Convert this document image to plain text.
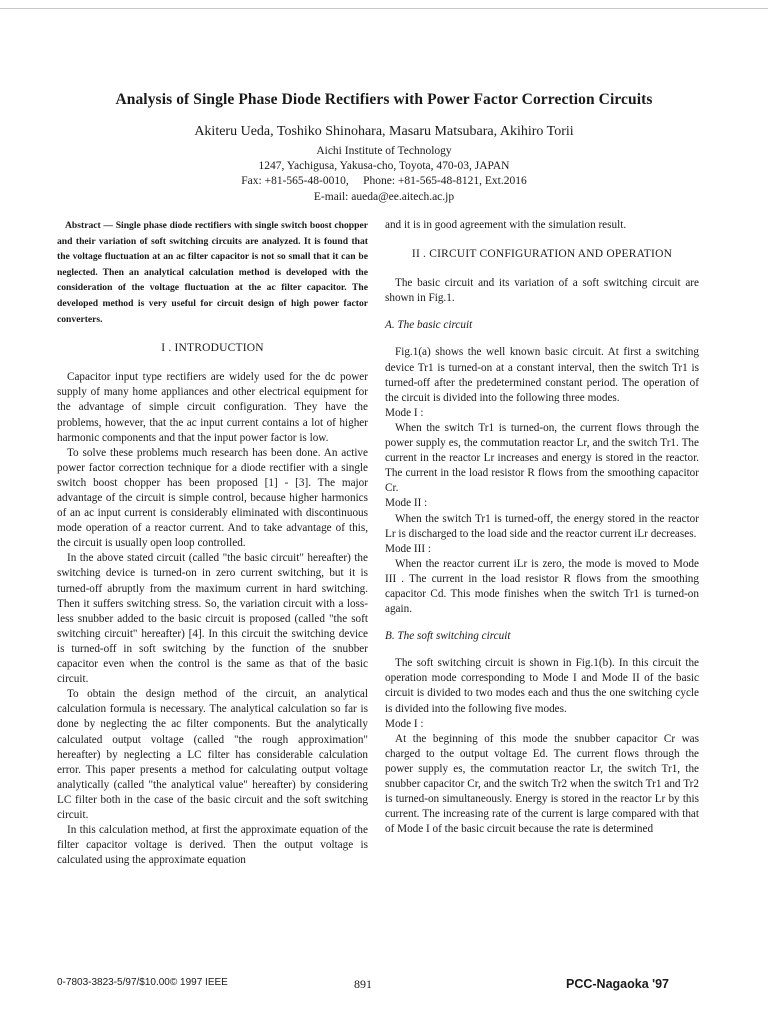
Analysis of Single Phase Diode Rectifiers with Power Factor Correction Circuits
Akiteru Ueda, Toshiko Shinohara, Masaru Matsubara, Akihiro Torii
Aichi Institute of Technology
1247, Yachigusa, Yakusa-cho, Toyota, 470-03, JAPAN
Fax: +81-565-48-0010,     Phone: +81-565-48-8121, Ext.2016
E-mail: aueda@ee.aitech.ac.jp

Abstract — Single phase diode rectifiers with single switch boost chopper and their variation of soft switching circuits are analyzed. It is found that the voltage fluctuation at an ac filter capacitor is not so small that it can be neglected. Then an analytical calculation method is developed with the consideration of the voltage fluctuation at the ac filter capacitor. The developed method is very useful for circuit design of high power factor converters.

I . INTRODUCTION

Capacitor input type rectifiers are widely used for the dc power supply of many home appliances and other electrical equipment for the advantage of simple circuit configuration. They have the problems, however, that the ac input current contains a lot of higher harmonic components and that the input power factor is low.

To solve these problems much research has been done. An active power factor correction technique for a diode rectifier with a single switch boost chopper has been proposed [1] - [3]. The major advantage of the circuit is simple control, because higher harmonics of an ac input current is considerably eliminated with discontinuous mode operation of a reactor current. And to take advantage of this, the circuit is usually open loop controlled.

In the above stated circuit (called "the basic circuit" hereafter) the switching device is turned-on in zero current switching, but it is turned-off abruptly from the maximum current in hard switching. Then it suffers switching stress. So, the variation circuit with a loss-less snubber added to the basic circuit is proposed (called "the soft switching circuit" hereafter) [4]. In this circuit the switching device is turned-off in soft switching by the function of the snubber capacitor even when the control is the same as that of the basic circuit.

To obtain the design method of the circuit, an analytical calculation formula is necessary. The analytical calculation so far is done by neglecting the ac filter components. But the analytically calculated output voltage (called "the rough approximation" hereafter) by neglecting a LC filter has considerable calculation error. This paper presents a method for calculating output voltage analytically (called "the analytical value" hereafter) by considering LC filter both in the case of the basic circuit and the soft switching circuit.

In this calculation method, at first the approximate equation of the filter capacitor voltage is derived. Then the output voltage is calculated using the approximate equation

and it is in good agreement with the simulation result.

II . CIRCUIT CONFIGURATION AND OPERATION

The basic circuit and its variation of a soft switching circuit are shown in Fig.1.

A. The basic circuit

Fig.1(a) shows the well known basic circuit. At first a switching device Tr1 is turned-on at a constant interval, then the switch Tr1 is turned-off after the predetermined constant period. The operation of the circuit is divided into the following three modes.

Mode I :

When the switch Tr1 is turned-on, the current flows through the power supply es, the commutation reactor Lr, and the switch Tr1. The current in the reactor Lr increases and energy is stored in the reactor. The current in the load resistor R flows from the smoothing capacitor Cr.

Mode II :

When the switch Tr1 is turned-off, the energy stored in the reactor Lr is discharged to the load side and the reactor current iLr decreases.

Mode III :

When the reactor current iLr is zero, the mode is moved to Mode III . The current in the load resistor R flows from the smoothing capacitor Cd. This mode finishes when the switch Tr1 is turned-on again.

B. The soft switching circuit

The soft switching circuit is shown in Fig.1(b). In this circuit the operation mode corresponding to Mode I and Mode II of the basic circuit is divided to two modes each and thus the one switching cycle is divided into the following five modes.

Mode I :

At the beginning of this mode the snubber capacitor Cr was charged to the output voltage Ed. The current flows through the power supply es, the commutation reactor Lr, the switch Tr1, the snubber capacitor Cr, and the switch Tr2 when the switch Tr1 and Tr2 is turned-on simultaneously. Energy is stored in the reactor Lr by this current. The increasing rate of the current is large compared with that of Mode I of the basic circuit because the rate is determined

0-7803-3823-5/97/$10.00© 1997 IEEE	891	PCC-Nagaoka '97
